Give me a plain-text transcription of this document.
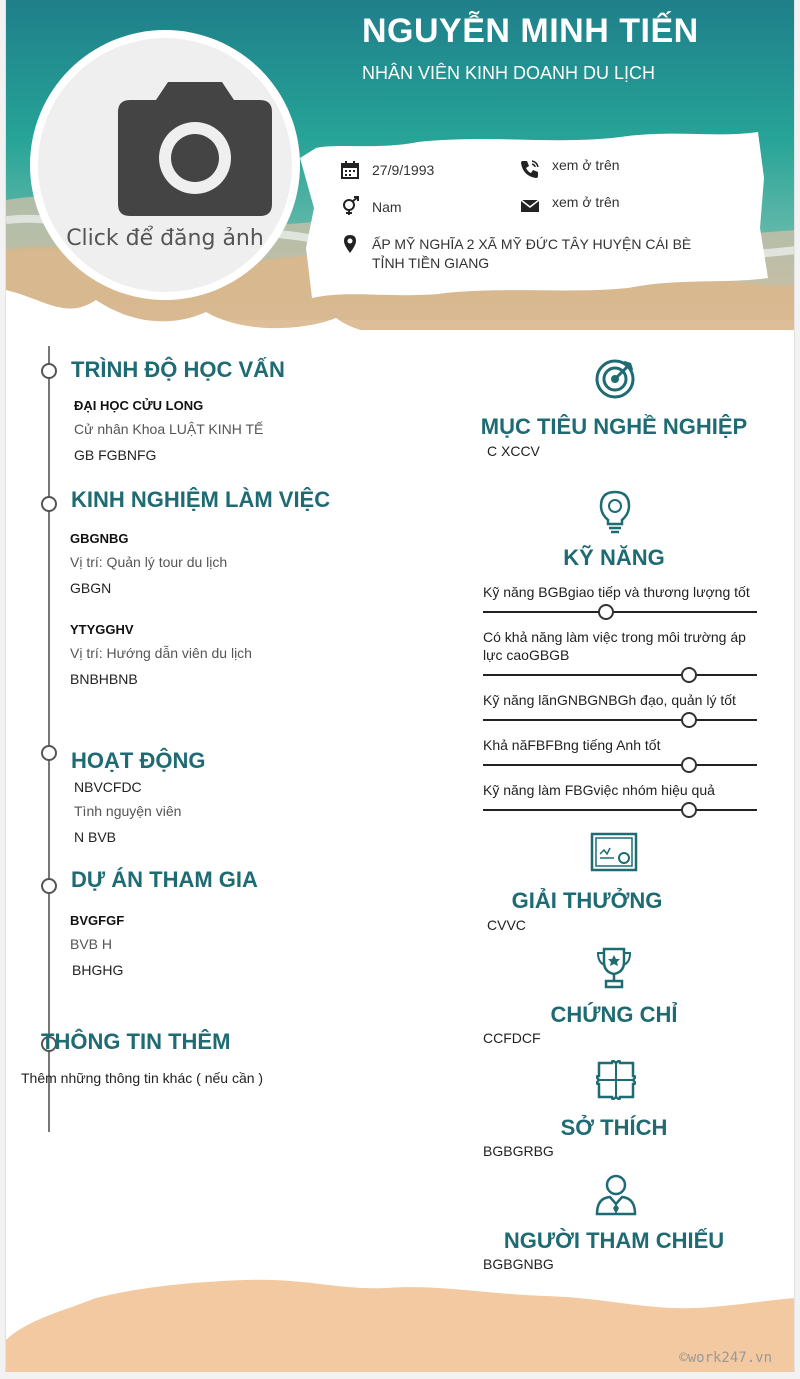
NGUYỄN MINH TIẾN
NHÂN VIÊN KINH DOANH DU LỊCH
Click để đăng ảnh
27/9/1993
Nam
xem ở trên
xem ở trên
ẤP MỸ NGHĨA 2 XÃ MỸ ĐỨC TÂY HUYỆN CÁI BÈ TỈNH TIỀN GIANG
TRÌNH ĐỘ HỌC VẤN
ĐẠI HỌC CỬU LONG
Cử nhân Khoa LUẬT KINH TẾ
GB FGBNFG
KINH NGHIỆM LÀM VIỆC
GBGNBG
Vị trí: Quản lý tour du lịch
GBGN
YTYGGHV
Vị trí: Hướng dẫn viên du lịch
BNBHBNB
HOẠT ĐỘNG
NBVCFDC
Tình nguyện viên
N BVB
DỰ ÁN THAM GIA
BVGFGF
BVB H
BHGHG
THÔNG TIN THÊM
Thêm những thông tin khác ( nếu cần )
MỤC TIÊU NGHỀ NGHIỆP
C XCCV
KỸ NĂNG
Kỹ năng BGBgiao tiếp và thương lượng tốt
Có khả năng làm việc trong môi trường áp lực caoGBGB
Kỹ năng lãnGNBGNBGh đạo, quản lý tốt
Khả năFBFBng tiếng Anh tốt
Kỹ năng làm FBGviệc nhóm hiệu quả
GIẢI THƯỞNG
CVVC
CHỨNG CHỈ
CCFDCF
SỞ THÍCH
BGBGRBG
NGƯỜI THAM CHIẾU
BGBGNBG
©work247.vn
